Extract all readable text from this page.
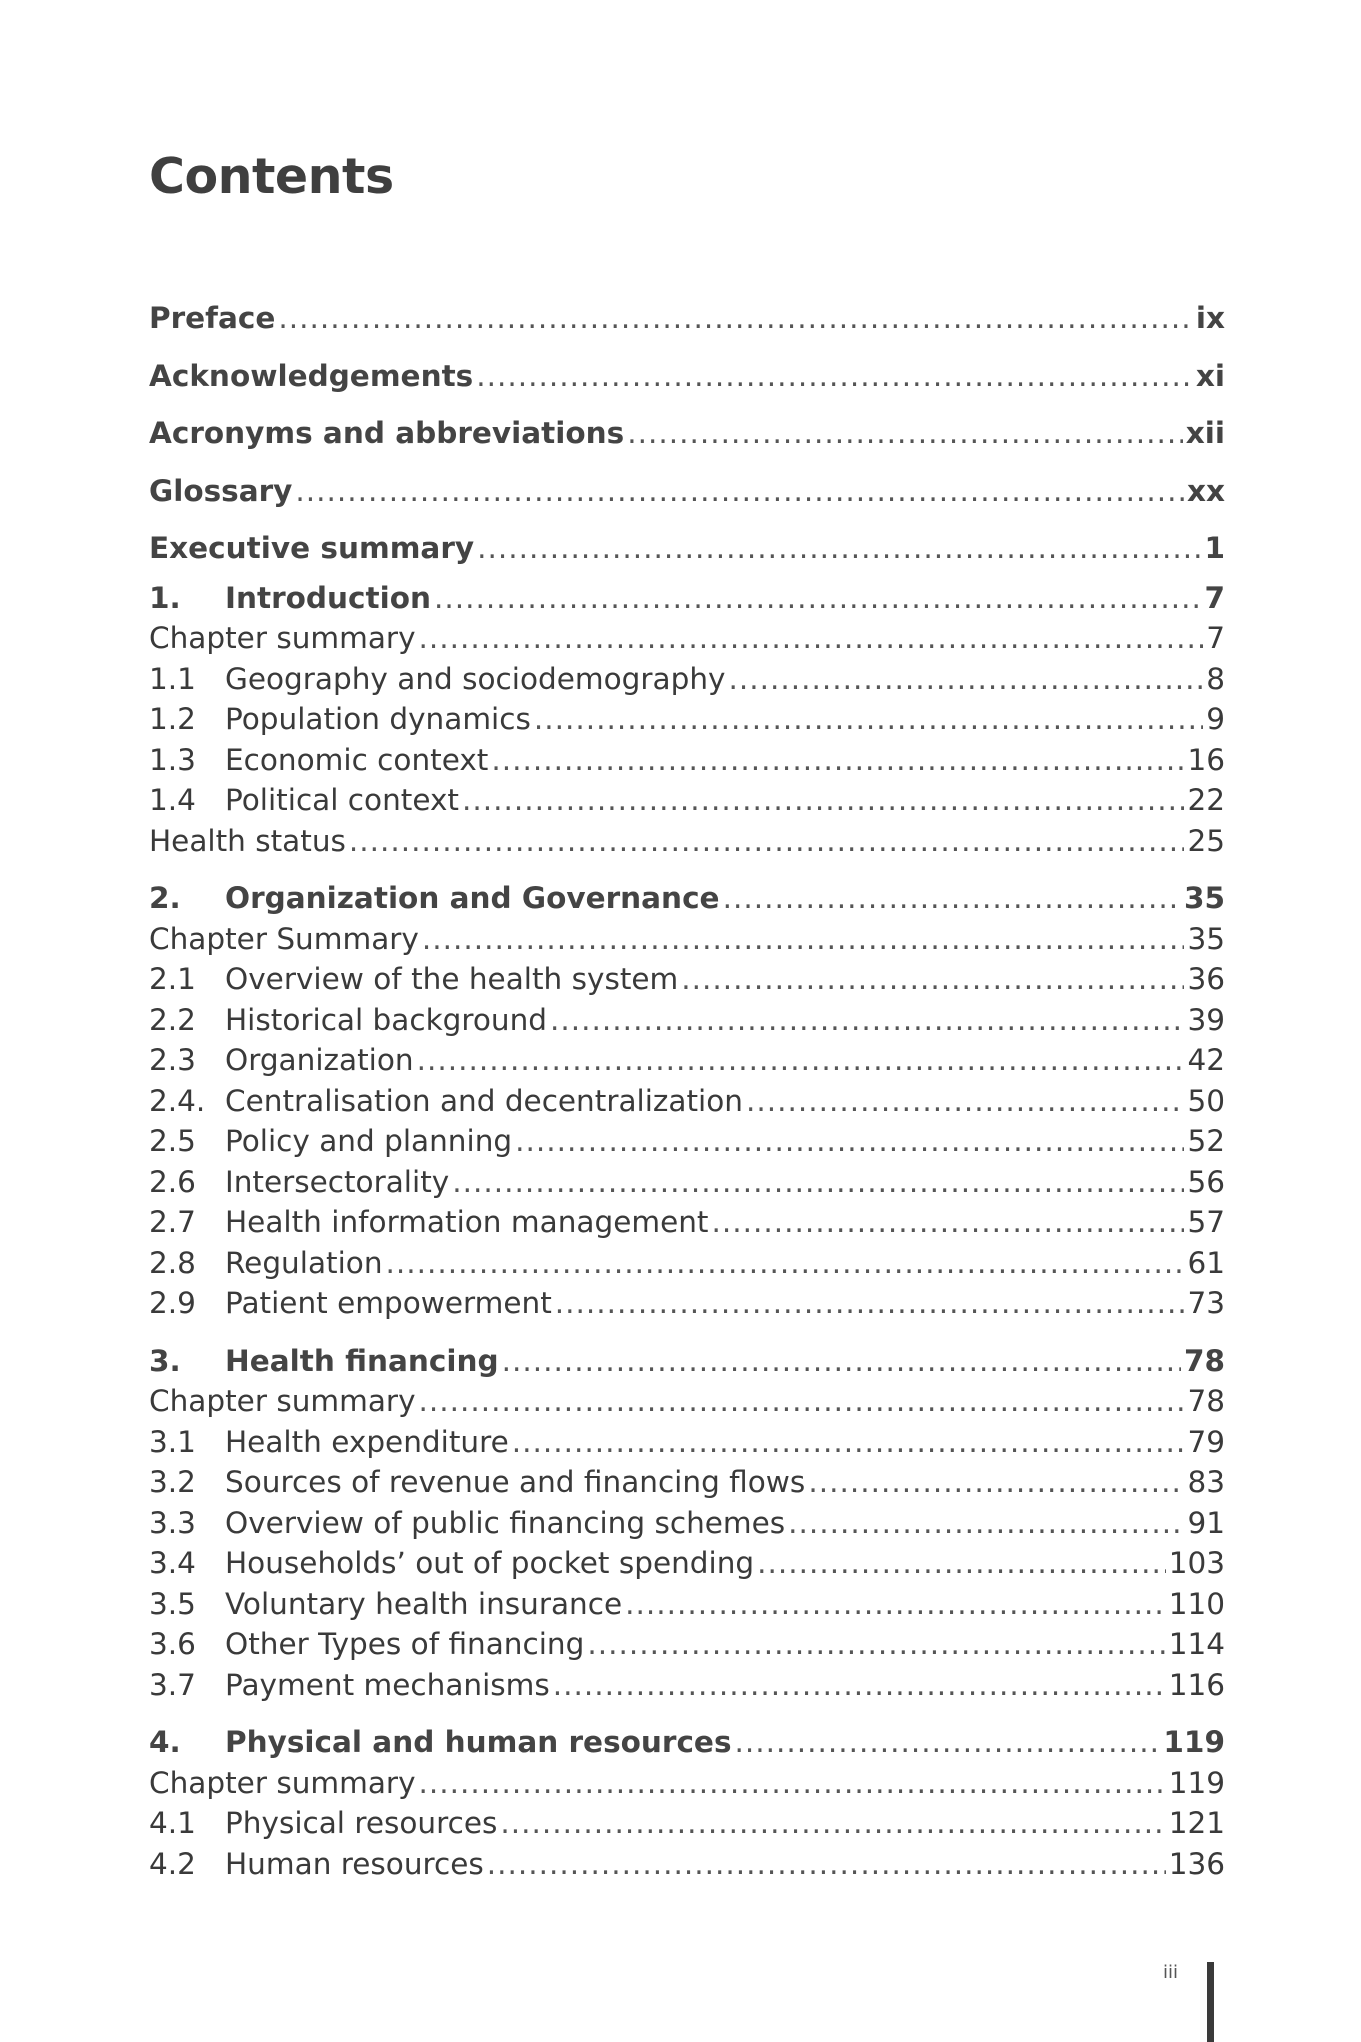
Contents
Preface .....	ix
Acknowledgements .....	xi
Acronyms and abbreviations .....	xii
Glossary .....	xx
Executive summary .....	1
1.	Introduction .....	7
Chapter summary .....	7
1.1 Geography and sociodemography .....	8
1.2 Population dynamics .....	9
1.3 Economic context .....	16
1.4 Political context .....	22
Health status .....	25
2.	Organization and Governance .....	35
Chapter Summary .....	35
2.1 Overview of the health system .....	36
2.2 Historical background .....	39
2.3 Organization .....	42
2.4. Centralisation and decentralization .....	50
2.5 Policy and planning .....	52
2.6 Intersectorality .....	56
2.7 Health information management .....	57
2.8 Regulation .....	61
2.9 Patient empowerment .....	73
3.	Health financing .....	78
Chapter summary .....	78
3.1 Health expenditure .....	79
3.2 Sources of revenue and financing flows .....	83
3.3 Overview of public financing schemes .....	91
3.4 Households’ out of pocket spending .....	103
3.5 Voluntary health insurance .....	110
3.6 Other Types of financing .....	114
3.7 Payment mechanisms .....	116
4.	Physical and human resources .....	119
Chapter summary .....	119
4.1 Physical resources .....	121
4.2 Human resources .....	136
iii
